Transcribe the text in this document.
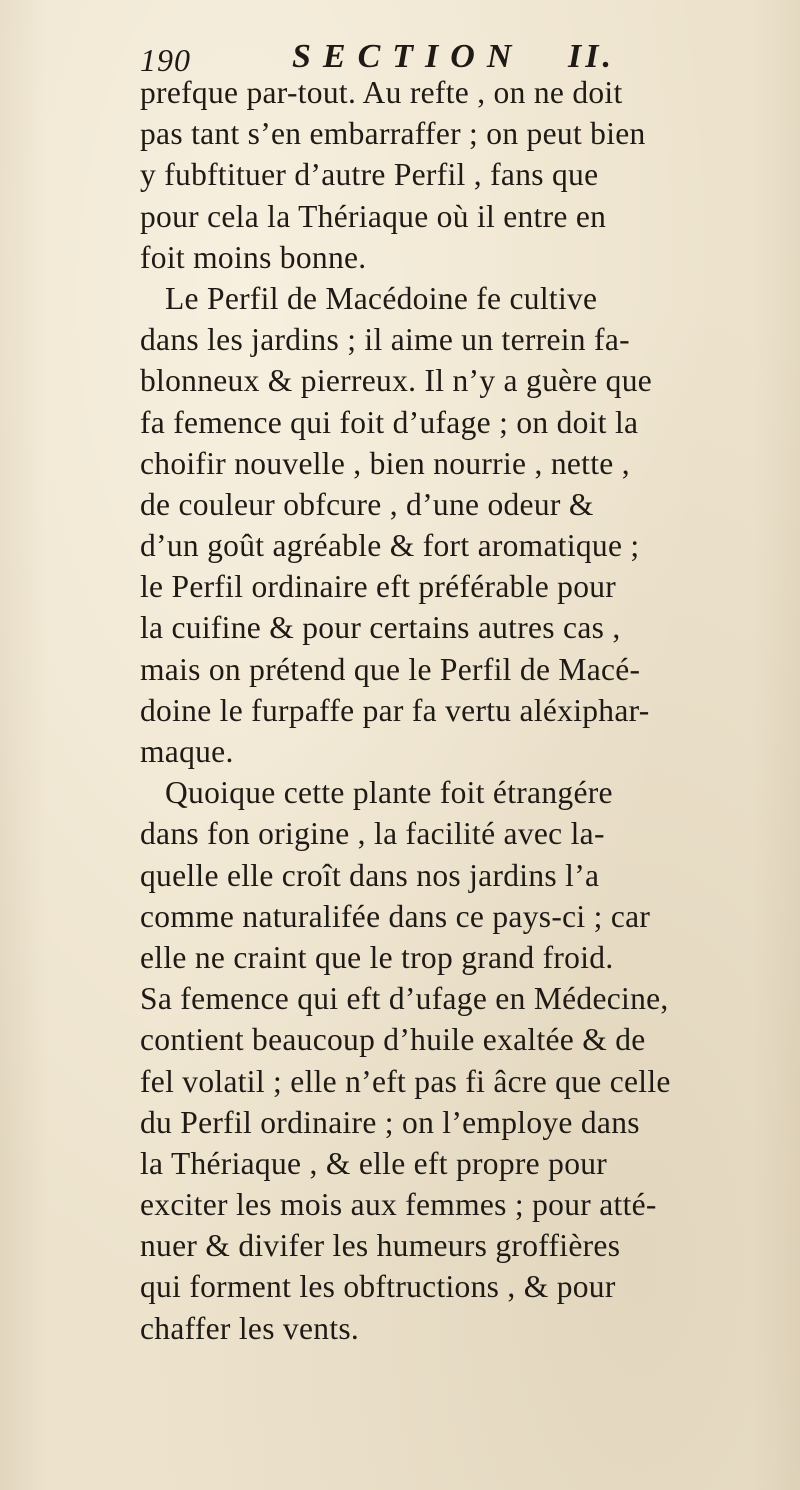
190	SECTION II.
prefque par-tout. Au refte , on ne doit
pas tant s’en embarraffer ; on peut bien
y fubftituer d’autre Perfil , fans que
pour cela la Thériaque où il entre en
foit moins bonne.
Le Perfil de Macédoine fe cultive
dans les jardins ; il aime un terrein fa-
blonneux & pierreux. Il n’y a guère que
fa femence qui foit d’ufage ; on doit la
choifir nouvelle , bien nourrie , nette ,
de couleur obfcure , d’une odeur &
d’un goût agréable & fort aromatique ;
le Perfil ordinaire eft préférable pour
la cuifine & pour certains autres cas ,
mais on prétend que le Perfil de Macé-
doine le furpaffe par fa vertu aléxiphar-
maque.
Quoique cette plante foit étrangére
dans fon origine , la facilité avec la-
quelle elle croît dans nos jardins l’a
comme naturalifée dans ce pays-ci ; car
elle ne craint que le trop grand froid.
Sa femence qui eft d’ufage en Médecine,
contient beaucoup d’huile exaltée & de
fel volatil ; elle n’eft pas fi âcre que celle
du Perfil ordinaire ; on l’employe dans
la Thériaque , & elle eft propre pour
exciter les mois aux femmes ; pour atté-
nuer & divifer les humeurs groffières
qui forment les obftructions , & pour
chaffer les vents.
